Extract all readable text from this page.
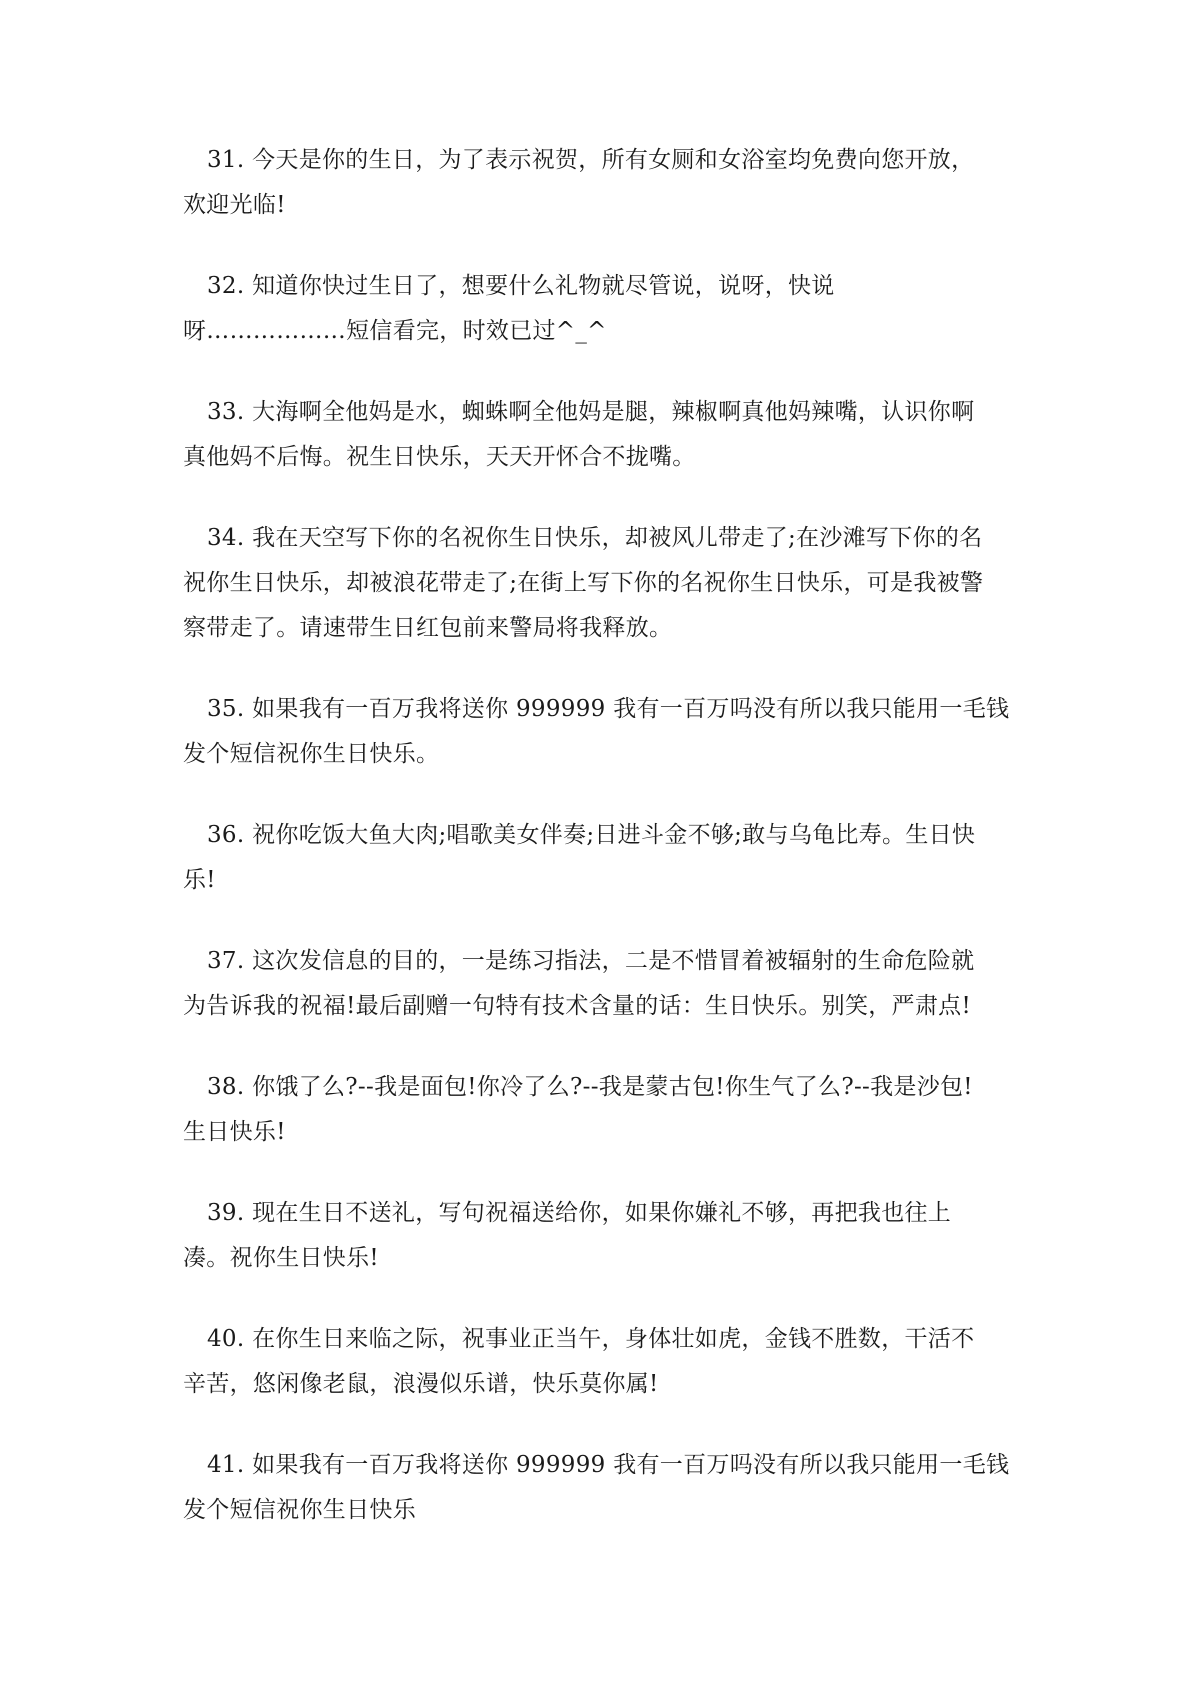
31. 今天是你的生日，为了表示祝贺，所有女厕和女浴室均免费向您开放，
欢迎光临!
32. 知道你快过生日了，想要什么礼物就尽管说，说呀，快说
呀………………短信看完，时效已过^_^
33. 大海啊全他妈是水，蜘蛛啊全他妈是腿，辣椒啊真他妈辣嘴，认识你啊
真他妈不后悔。祝生日快乐，天天开怀合不拢嘴。
34. 我在天空写下你的名祝你生日快乐，却被风儿带走了;在沙滩写下你的名
祝你生日快乐，却被浪花带走了;在街上写下你的名祝你生日快乐，可是我被警
察带走了。请速带生日红包前来警局将我释放。
35. 如果我有一百万我将送你 999999 我有一百万吗没有所以我只能用一毛钱
发个短信祝你生日快乐。
36. 祝你吃饭大鱼大肉;唱歌美女伴奏;日进斗金不够;敢与乌龟比寿。生日快
乐!
37. 这次发信息的目的，一是练习指法，二是不惜冒着被辐射的生命危险就
为告诉我的祝福!最后副赠一句特有技术含量的话：生日快乐。别笑，严肃点!
38. 你饿了么?--我是面包!你冷了么?--我是蒙古包!你生气了么?--我是沙包!
生日快乐!
39. 现在生日不送礼，写句祝福送给你，如果你嫌礼不够，再把我也往上
凑。祝你生日快乐!
40. 在你生日来临之际，祝事业正当午，身体壮如虎，金钱不胜数，干活不
辛苦，悠闲像老鼠，浪漫似乐谱，快乐莫你属!
41. 如果我有一百万我将送你 999999 我有一百万吗没有所以我只能用一毛钱
发个短信祝你生日快乐
